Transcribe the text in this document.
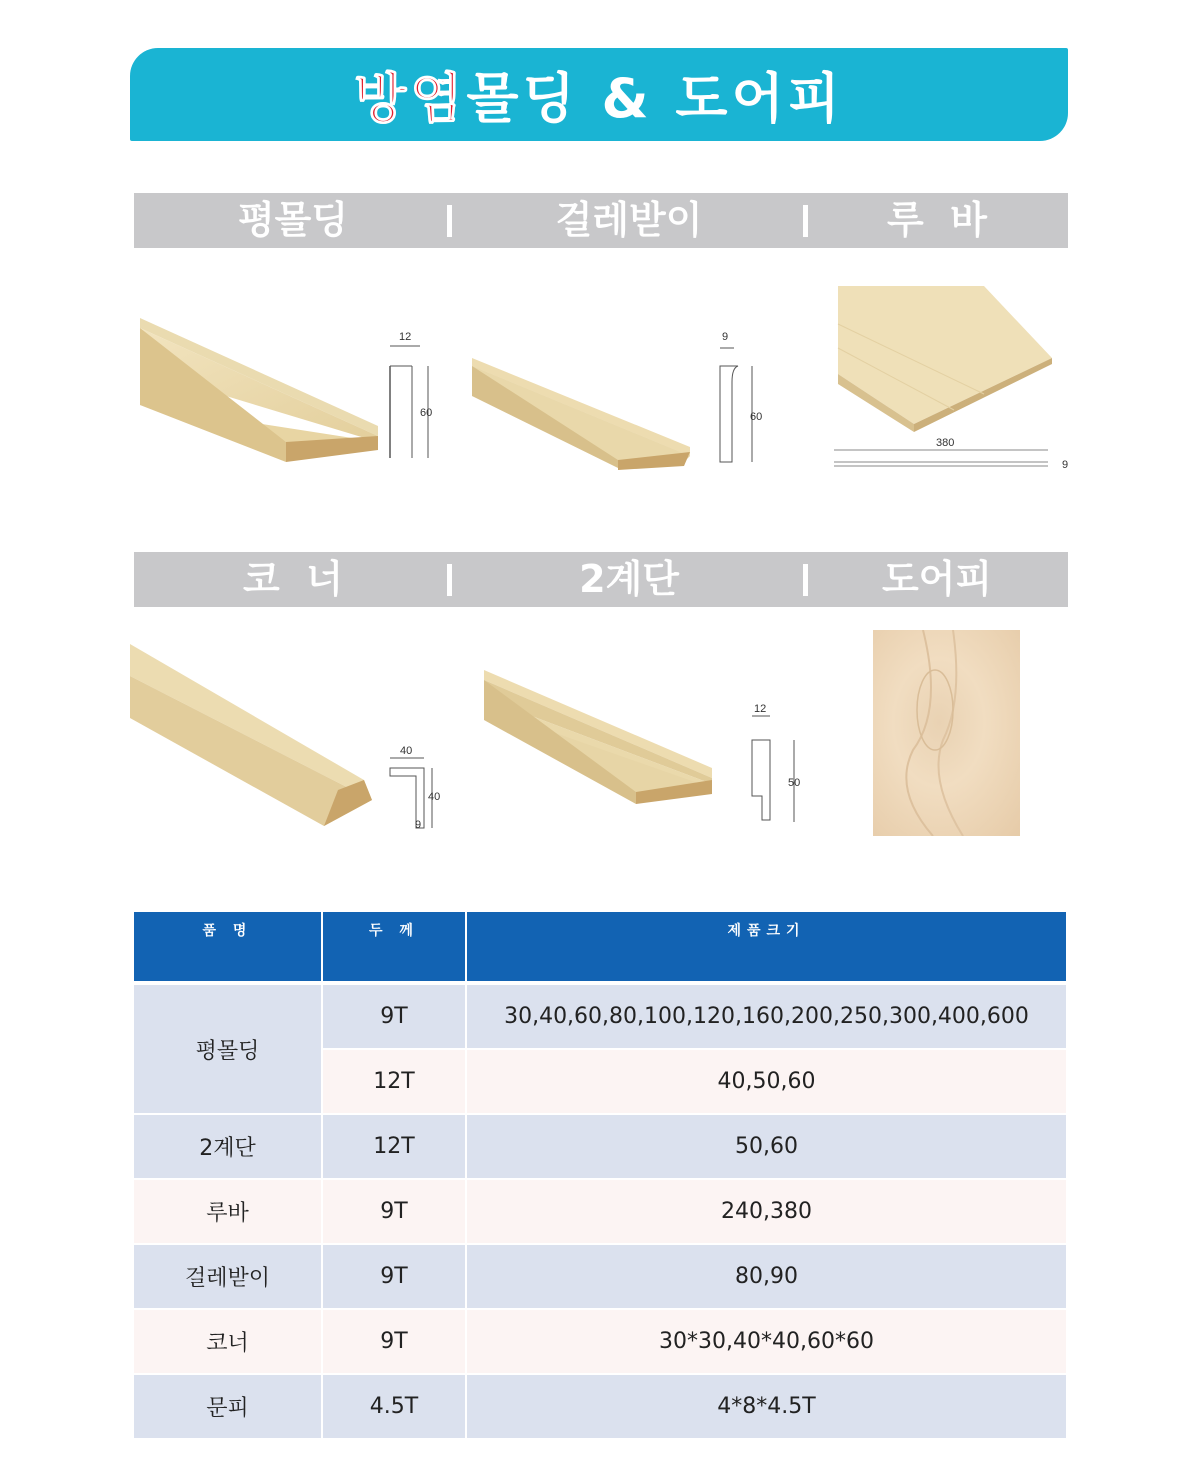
방염 몰딩 & 도어피
평몰딩	걸레받이	루  바
12
60
9
60
380
9
코  너	2계단	도어피
40
40
9
12
50
품 명	두 께	제품크기
평몰딩	9T	30,40,60,80,100,120,160,200,250,300,400,600
	12T	40,50,60
2계단	12T	50,60
루바	9T	240,380
걸레받이	9T	80,90
코너	9T	30*30,40*40,60*60
문피	4.5T	4*8*4.5T
